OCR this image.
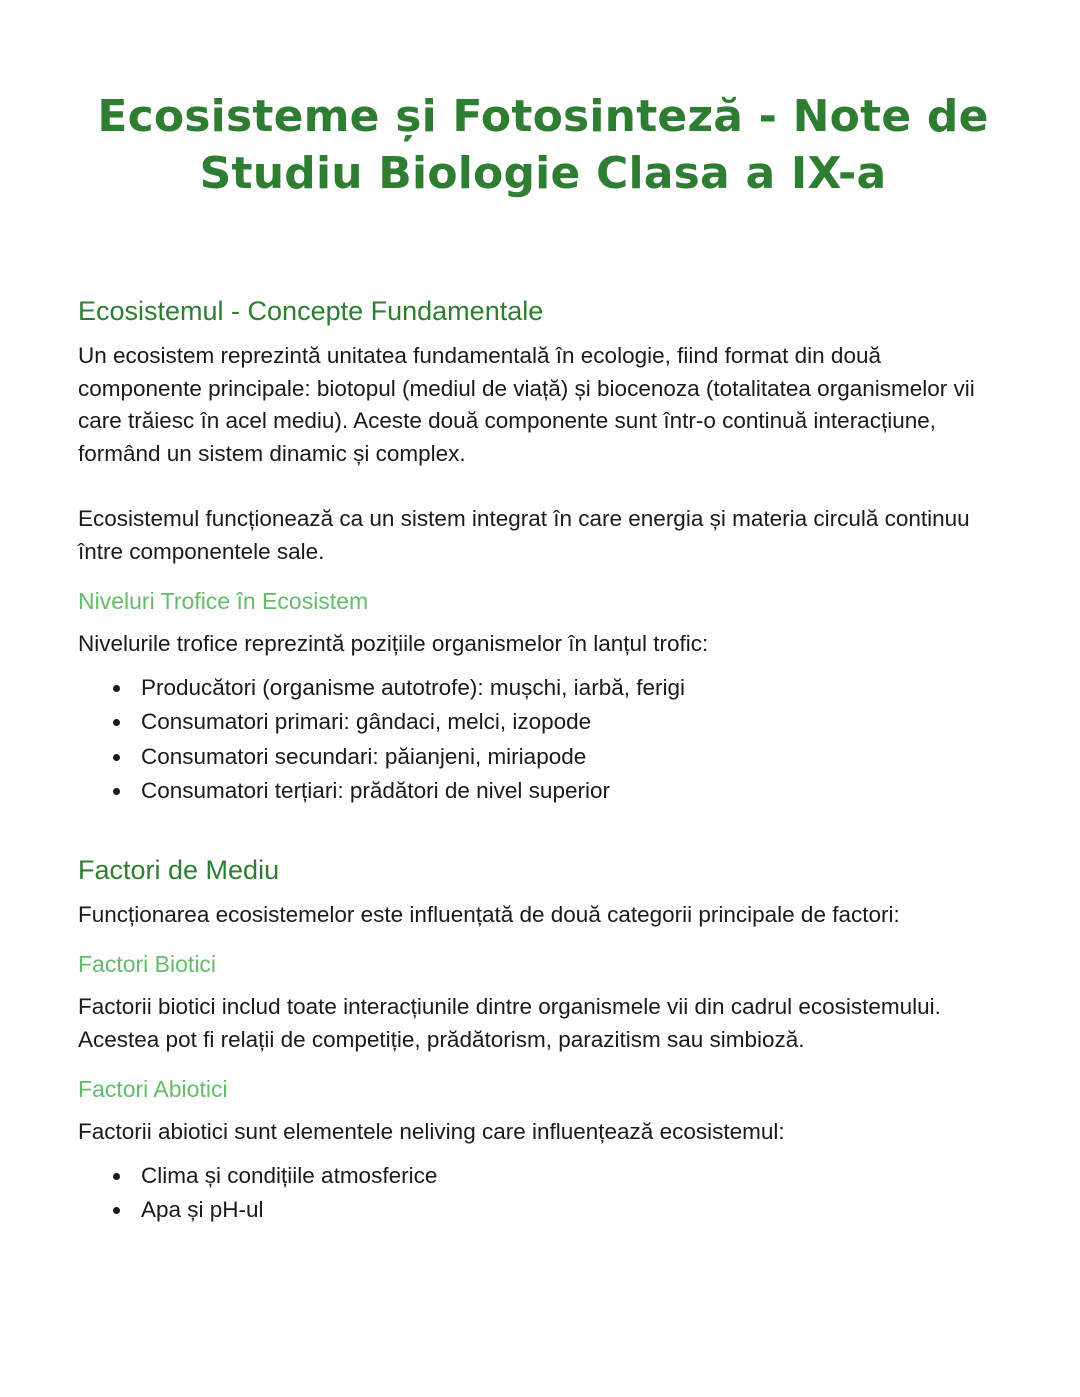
Ecosisteme și Fotosinteză - Note de Studiu Biologie Clasa a IX-a
Ecosistemul - Concepte Fundamentale

Un ecosistem reprezintă unitatea fundamentală în ecologie, fiind format din două componente principale: biotopul (mediul de viață) și biocenoza (totalitatea organismelor vii care trăiesc în acel mediu). Aceste două componente sunt într-o continuă interacțiune, formând un sistem dinamic și complex.

Ecosistemul funcționează ca un sistem integrat în care energia și materia circulă continuu între componentele sale.

Niveluri Trofice în Ecosistem

Nivelurile trofice reprezintă pozițiile organismelor în lanțul trofic:

Producători (organisme autotrofe): mușchi, iarbă, ferigi
Consumatori primari: gândaci, melci, izopode
Consumatori secundari: păianjeni, miriapode
Consumatori terțiari: prădători de nivel superior
Factori de Mediu

Funcționarea ecosistemelor este influențată de două categorii principale de factori:

Factori Biotici

Factorii biotici includ toate interacțiunile dintre organismele vii din cadrul ecosistemului. Acestea pot fi relații de competiție, prădătorism, parazitism sau simbioză.

Factori Abiotici

Factorii abiotici sunt elementele neliving care influențează ecosistemul:

Clima și condițiile atmosferice
Apa și pH-ul
